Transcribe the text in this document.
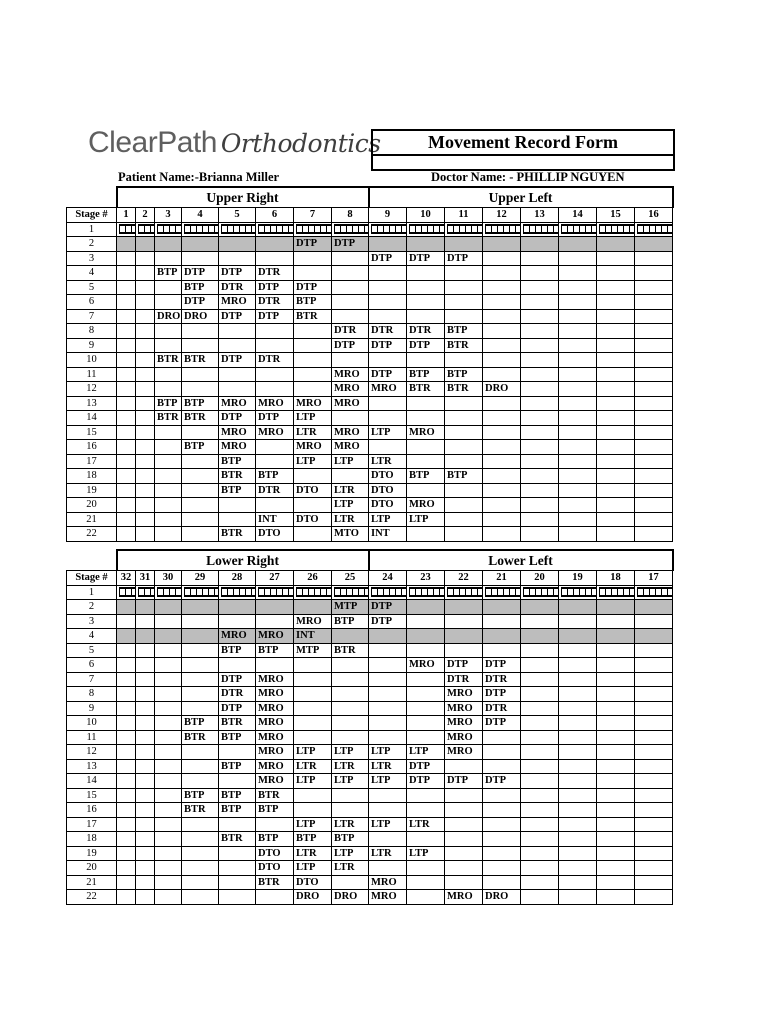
ClearPath Orthodontics	Movement Record Form
Patient Name:-Brianna Miller	Doctor Name: - PHILLIP NGUYEN
	Upper Right								Upper Left							
Stage #	1	2	3	4	5	6	7	8	9	10	11	12	13	14	15	16
1	

2							DTP	DTP								
3									DTP	DTP	DTP					
4			BTP	DTP	DTP	DTR										
5				BTP	DTR	DTP	DTP									
6				DTP	MRO	DTR	BTP									
7			DRO	DRO	DTP	DTP	BTR									
8								DTR	DTR	DTR	BTP					
9								DTP	DTP	DTP	BTR					
10			BTR	BTR	DTP	DTR										
11								MRO	DTP	BTP	BTP					
12								MRO	MRO	BTR	BTR	DRO				
13			BTP	BTP	MRO	MRO	MRO	MRO								
14			BTR	BTR	DTP	DTP	LTP									
15					MRO	MRO	LTR	MRO	LTP	MRO						
16				BTP	MRO		MRO	MRO								
17					BTP		LTP	LTP	LTR							
18					BTR	BTP			DTO	BTP	BTP					
19					BTP	DTR	DTO	LTR	DTO							
20								LTP	DTO	MRO						
21						INT	DTO	LTR	LTP	LTP						
22					BTR	DTO		MTO	INT							
	Lower Right								Lower Left							
Stage #	32	31	30	29	28	27	26	25	24	23	22	21	20	19	18	17
1	

2								MTP	DTP							
3							MRO	BTP	DTP							
4					MRO	MRO	INT									
5					BTP	BTP	MTP	BTR								
6										MRO	DTP	DTP				
7					DTP	MRO					DTR	DTR				
8					DTR	MRO					MRO	DTP				
9					DTP	MRO					MRO	DTR				
10				BTP	BTR	MRO					MRO	DTP				
11				BTR	BTP	MRO					MRO					
12						MRO	LTP	LTP	LTP	LTP	MRO					
13					BTP	MRO	LTR	LTR	LTR	DTP						
14						MRO	LTP	LTP	LTP	DTP	DTP	DTP				
15				BTP	BTP	BTR										
16				BTR	BTP	BTP										
17							LTP	LTR	LTP	LTR						
18					BTR	BTP	BTP	BTP								
19						DTO	LTR	LTP	LTR	LTP						
20						DTO	LTP	LTR								
21						BTR	DTO		MRO							
22							DRO	DRO	MRO		MRO	DRO				
